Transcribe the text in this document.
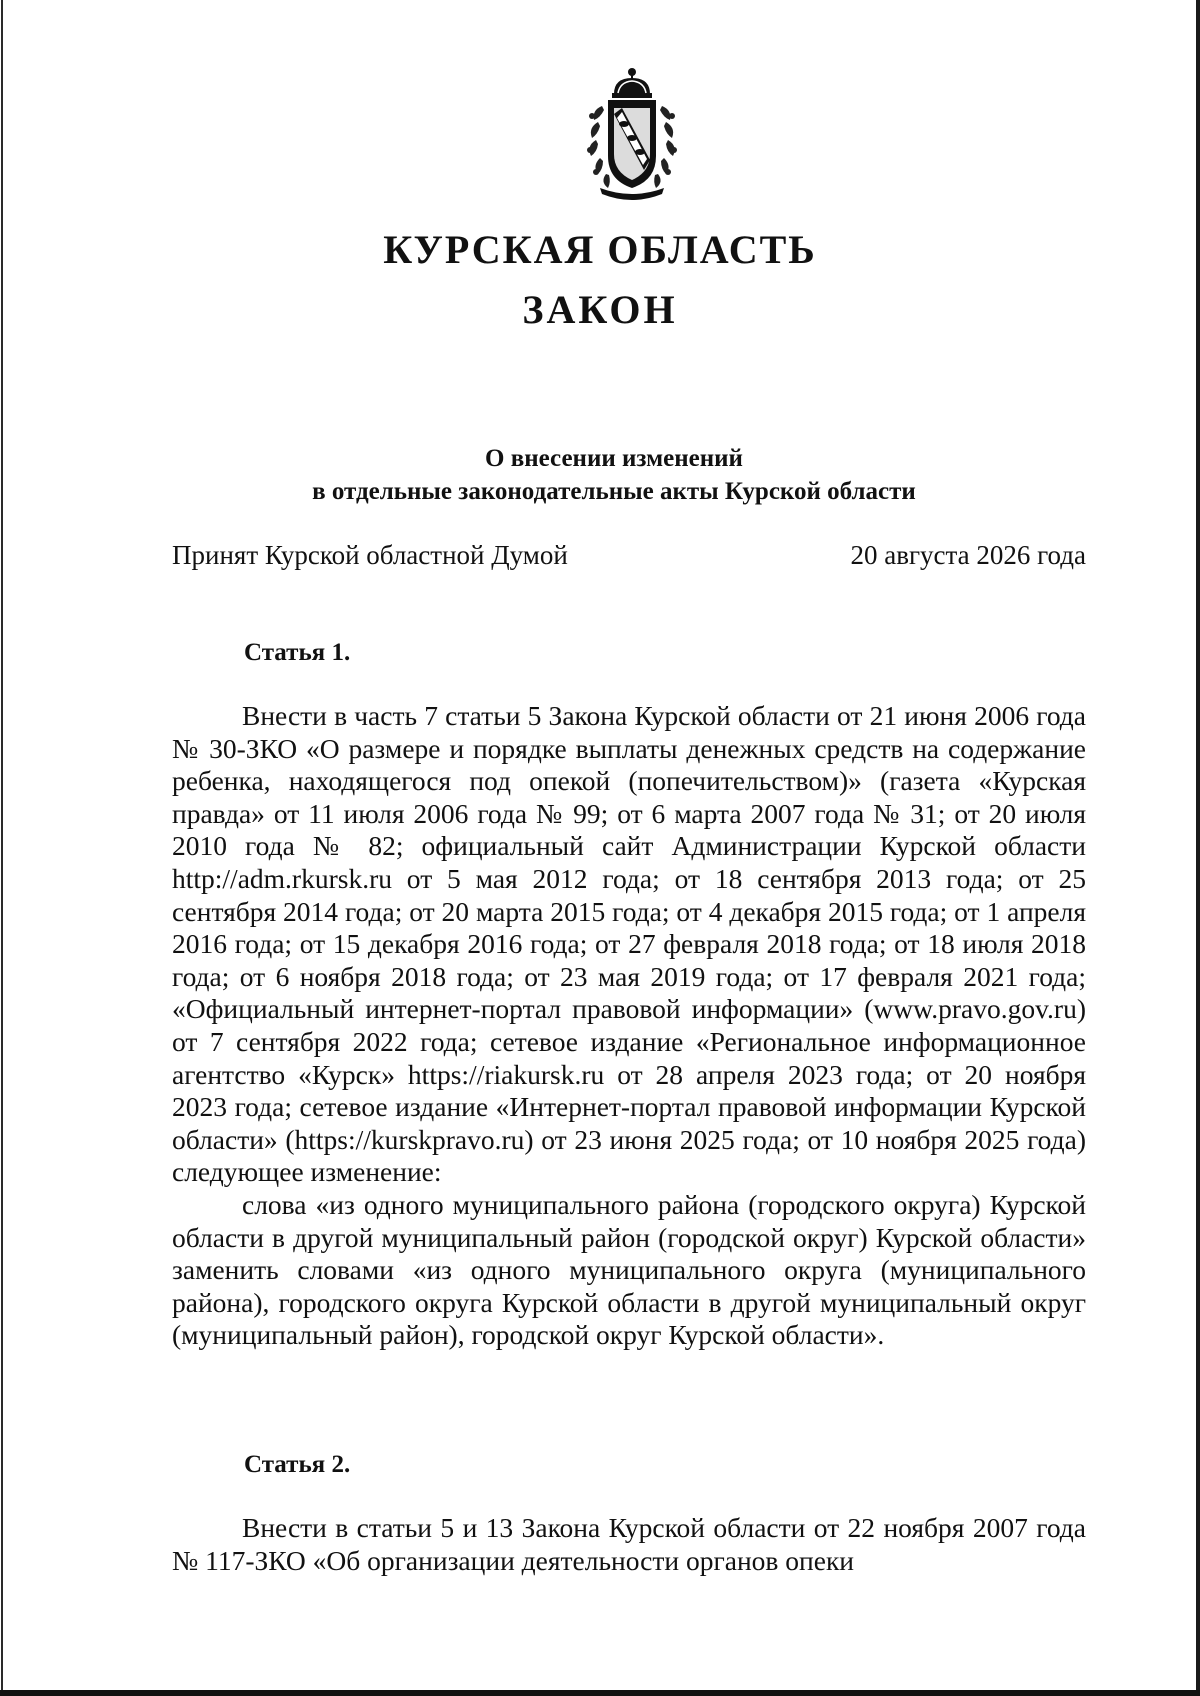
КУРСКАЯ ОБЛАСТЬ
ЗАКОН
О внесении изменений
в отдельные законодательные акты Курской области
Принят Курской областной Думой	20 августа 2026 года
Статья 1.

Внести в часть 7 статьи 5 Закона Курской области от 21 июня 2006 года № 30-ЗКО «О размере и порядке выплаты денежных средств на содержание ребенка, находящегося под опекой (попечительством)» (газета «Курская правда» от 11 июля 2006 года № 99; от 6 марта 2007 года № 31; от 20 июля 2010 года № 82; официальный сайт Администрации Курской области http://adm.rkursk.ru от 5 мая 2012 года; от 18 сентября 2013 года; от 25 сентября 2014 года; от 20 марта 2015 года; от 4 декабря 2015 года; от 1 апреля 2016 года; от 15 декабря 2016 года; от 27 февраля 2018 года; от 18 июля 2018 года; от 6 ноября 2018 года; от 23 мая 2019 года; от 17 февраля 2021 года; «Официальный интернет-портал правовой информации» (www.pravo.gov.ru) от 7 сентября 2022 года; сетевое издание «Региональное информационное агентство «Курск» https://riakursk.ru от 28 апреля 2023 года; от 20 ноября 2023 года; сетевое издание «Интернет-портал правовой информации Курской области» (https://kurskpravo.ru) от 23 июня 2025 года; от 10 ноября 2025 года) следующее изменение:

слова «из одного муниципального района (городского округа) Курской области в другой муниципальный район (городской округ) Курской области» заменить словами «из одного муниципального округа (муниципального района), городского округа Курской области в другой муниципальный округ (муниципальный район), городской округ Курской области».

Статья 2.

Внести в статьи 5 и 13 Закона Курской области от 22 ноября 2007 года № 117-ЗКО «Об организации деятельности органов опеки
